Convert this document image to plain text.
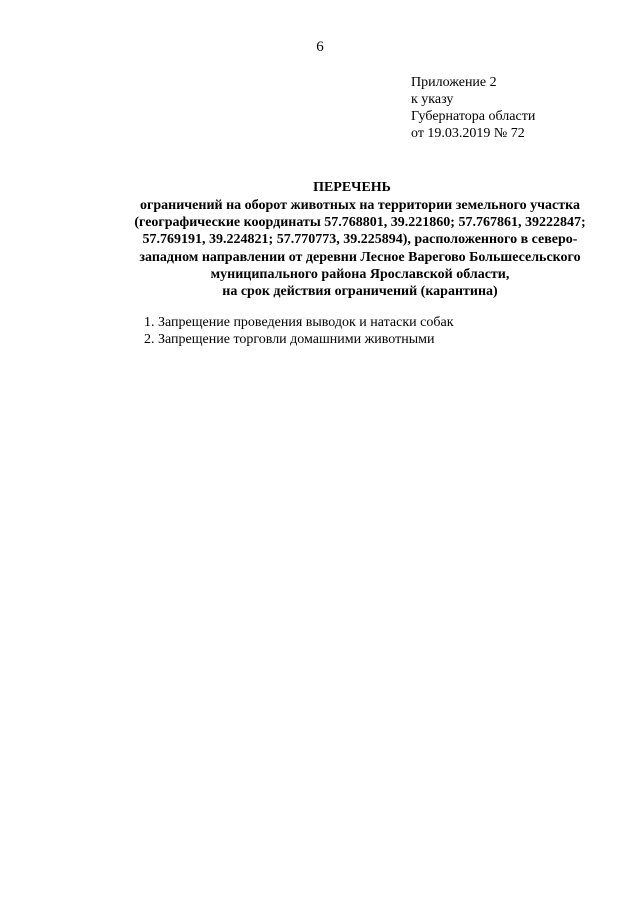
6
Приложение 2
к указу
Губернатора области
от 19.03.2019 № 72
ПЕРЕЧЕНЬ
ограничений на оборот животных на территории земельного участка
(географические координаты 57.768801, 39.221860; 57.767861, 39222847;
57.769191, 39.224821; 57.770773, 39.225894), расположенного в северо-
западном направлении от деревни Лесное Варегово Большесельского
муниципального района Ярославской области,
на срок действия ограничений (карантина)
1. Запрещение проведения выводок и натаски собак
2. Запрещение торговли домашними животными
